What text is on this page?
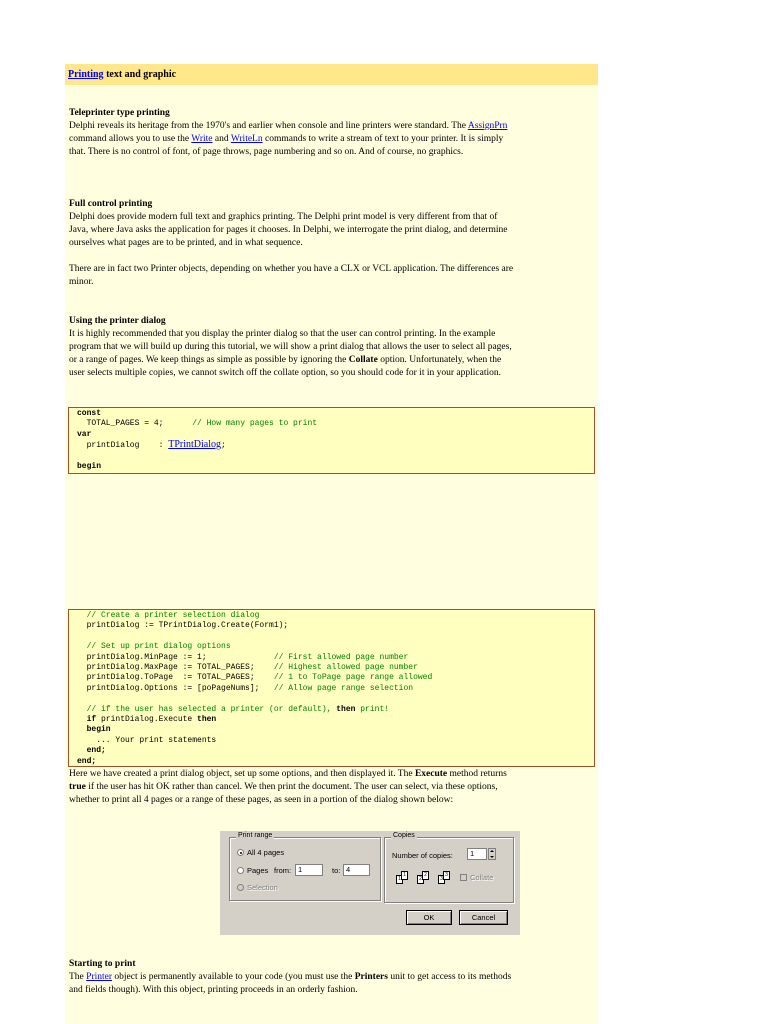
Printing text and graphic
Teleprinter type printing
Delphi reveals its heritage from the 1970's and earlier when console and line printers were standard. The AssignPrn command allows you to use the Write and WriteLn commands to write a stream of text to your printer. It is simply that. There is no control of font, of page throws, page numbering and so on. And of course, no graphics.
Full control printing
Delphi does provide modern full text and graphics printing. The Delphi print model is very different from that of Java, where Java asks the application for pages it chooses. In Delphi, we interrogate the print dialog, and determine ourselves what pages are to be printed, and in what sequence.
There are in fact two Printer objects, depending on whether you have a CLX or VCL application. The differences are minor.
Using the printer dialog
It is highly recommended that you display the printer dialog so that the user can control printing. In the example program that we will build up during this tutorial, we will show a print dialog that allows the user to select all pages, or a range of pages. We keep things as simple as possible by ignoring the Collate option. Unfortunately, when the user selects multiple copies, we cannot switch off the collate option, so you should code for it in your application.
const
TOTAL_PAGES = 4;      // How many pages to print
var
printDialog    : TPrintDialog;

begin
// Create a printer selection dialog
printDialog := TPrintDialog.Create(Form1);

// Set up print dialog options
printDialog.MinPage := 1;              // First allowed page number
printDialog.MaxPage := TOTAL_PAGES;    // Highest allowed page number
printDialog.ToPage  := TOTAL_PAGES;    // 1 to ToPage page range allowed
printDialog.Options := [poPageNums];   // Allow page range selection

// if the user has selected a printer (or default), then print!
if printDialog.Execute then
begin
... Your print statements
end;
end;
Here we have created a print dialog object, set up some options, and then displayed it. The Execute method returns true if the user has hit OK rather than cancel. We then print the document. The user can select, via these options, whether to print all 4 pages or a range of these pages, as seen in a portion of the dialog shown below:
Print range
All 4 pages
Pages from: 1	to: 4
Selection
Copies
Number of copies:	1
1
1
2
2
3
3	Collate
OK	Cancel
Starting to print
The Printer object is permanently available to your code (you must use the Printers unit to get access to its methods and fields though). With this object, printing proceeds in an orderly fashion.
